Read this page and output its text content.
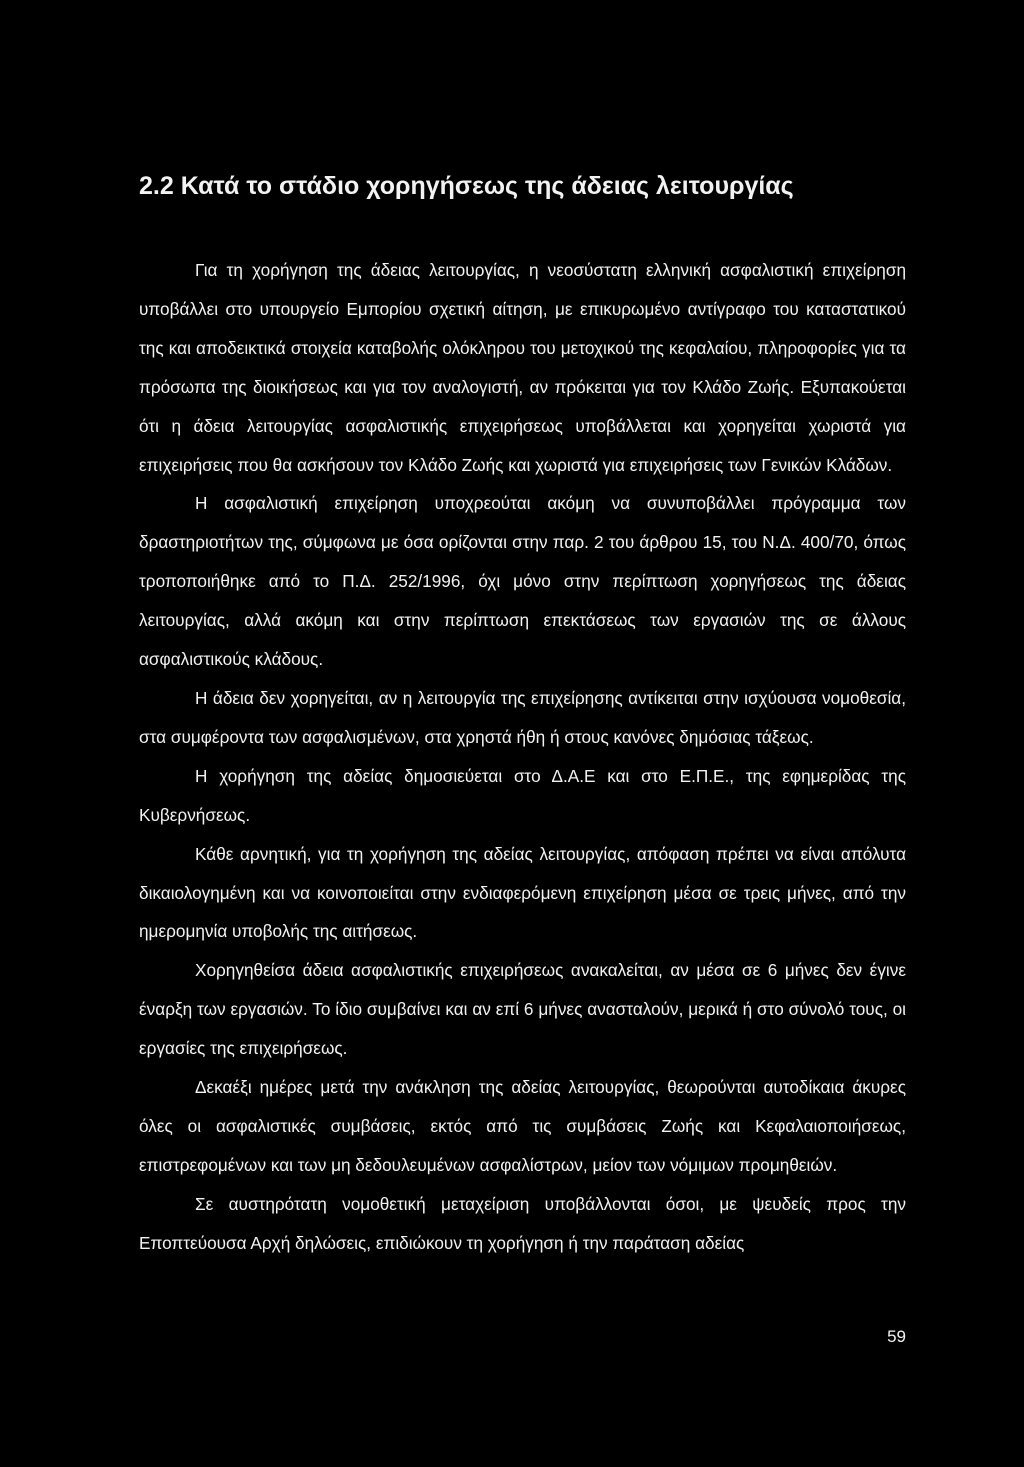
2.2 Κατά το στάδιο χορηγήσεως της άδειας λειτουργίας

Για τη χορήγηση της άδειας λειτουργίας, η νεοσύστατη ελληνική ασφαλιστική επιχείρηση υποβάλλει στο υπουργείο Εμπορίου σχετική αίτηση, με επικυρωμένο αντίγραφο του καταστατικού της και αποδεικτικά στοιχεία καταβολής ολόκληρου του μετοχικού της κεφαλαίου, πληροφορίες για τα πρόσωπα της διοικήσεως και για τον αναλογιστή, αν πρόκειται για τον Κλάδο Ζωής. Εξυπακούεται ότι η άδεια λειτουργίας ασφαλιστικής επιχειρήσεως υποβάλλεται και χορηγείται χωριστά για επιχειρήσεις που θα ασκήσουν τον Κλάδο Ζωής και χωριστά για επιχειρήσεις των Γενικών Κλάδων.

Η ασφαλιστική επιχείρηση υποχρεούται ακόμη να συνυποβάλλει πρόγραμμα των δραστηριοτήτων της, σύμφωνα με όσα ορίζονται στην παρ. 2 του άρθρου 15, του Ν.Δ. 400/70, όπως τροποποιήθηκε από το Π.Δ. 252/1996, όχι μόνο στην περίπτωση χορηγήσεως της άδειας λειτουργίας, αλλά ακόμη και στην περίπτωση επεκτάσεως των εργασιών της σε άλλους ασφαλιστικούς κλάδους.

Η άδεια δεν χορηγείται, αν η λειτουργία της επιχείρησης αντίκειται στην ισχύουσα νομοθεσία, στα συμφέροντα των ασφαλισμένων, στα χρηστά ήθη ή στους κανόνες δημόσιας τάξεως.

Η χορήγηση της αδείας δημοσιεύεται στο Δ.Α.Ε και στο Ε.Π.Ε., της εφημερίδας της Κυβερνήσεως.

Κάθε αρνητική, για τη χορήγηση της αδείας λειτουργίας, απόφαση πρέπει να είναι απόλυτα δικαιολογημένη και να κοινοποιείται στην ενδιαφερόμενη επιχείρηση μέσα σε τρεις μήνες, από την ημερομηνία υποβολής της αιτήσεως.

Χορηγηθείσα άδεια ασφαλιστικής επιχειρήσεως ανακαλείται, αν μέσα σε 6 μήνες δεν έγινε έναρξη των εργασιών. Το ίδιο συμβαίνει και αν επί 6 μήνες ανασταλούν, μερικά ή στο σύνολό τους, οι εργασίες της επιχειρήσεως.

Δεκαέξι ημέρες μετά την ανάκληση της αδείας λειτουργίας, θεωρούνται αυτοδίκαια άκυρες όλες οι ασφαλιστικές συμβάσεις, εκτός από τις συμβάσεις Ζωής και Κεφαλαιοποιήσεως, επιστρεφομένων και των μη δεδουλευμένων ασφαλίστρων, μείον των νόμιμων προμηθειών.

Σε αυστηρότατη νομοθετική μεταχείριση υποβάλλονται όσοι, με ψευδείς προς την Εποπτεύουσα Αρχή δηλώσεις, επιδιώκουν τη χορήγηση ή την παράταση αδείας

59
